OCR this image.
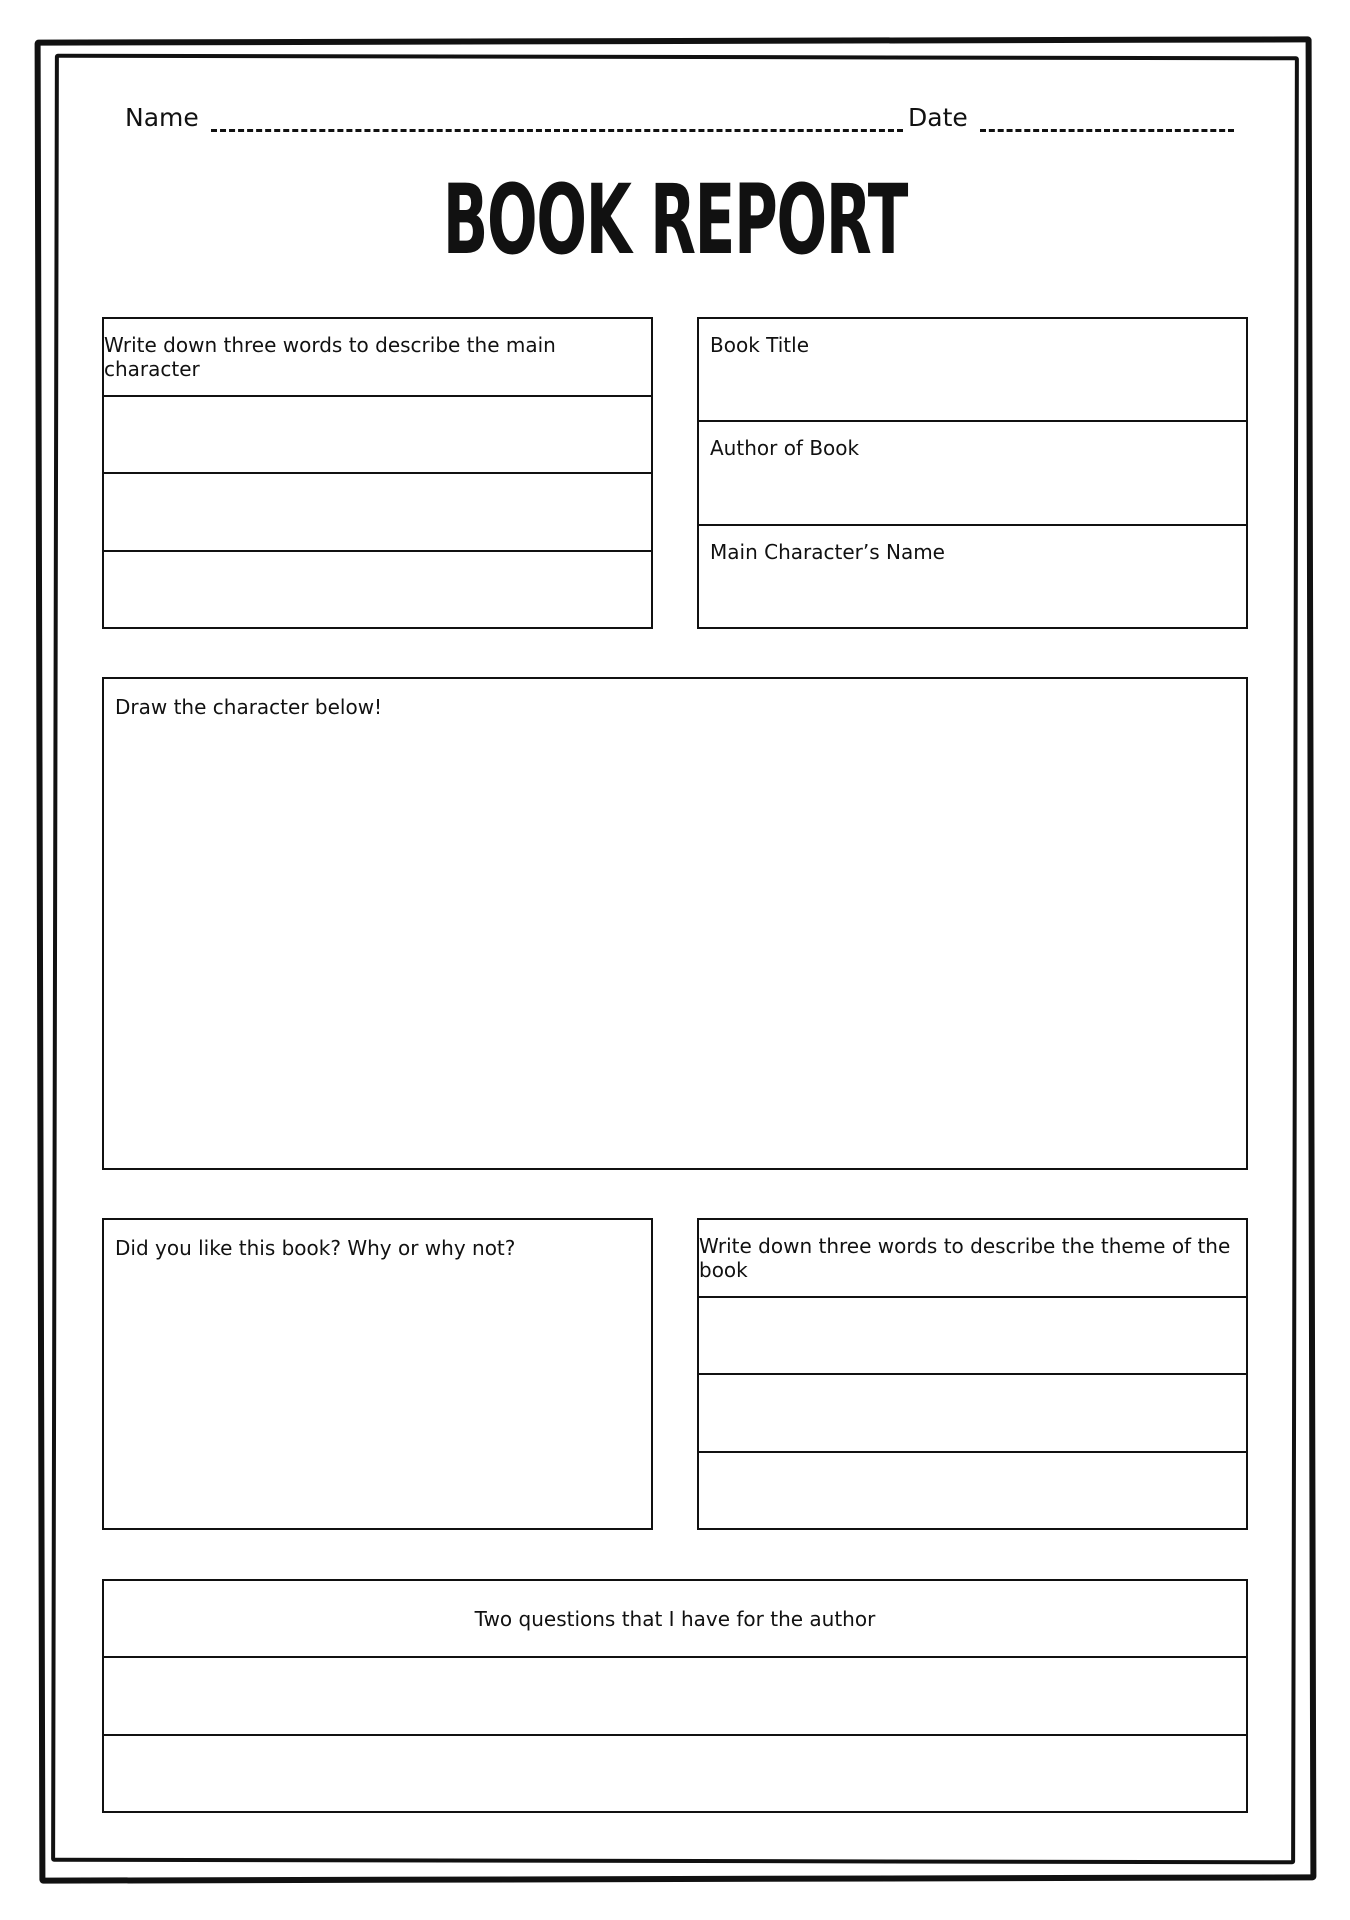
Name	Date
BOOK REPORT
Write down three words to describe the main character
Book Title
Author of Book
Main Character’s Name
Draw the character below!
Did you like this book? Why or why not?	Write down three words to describe the theme of the book
Two questions that I have for the author
